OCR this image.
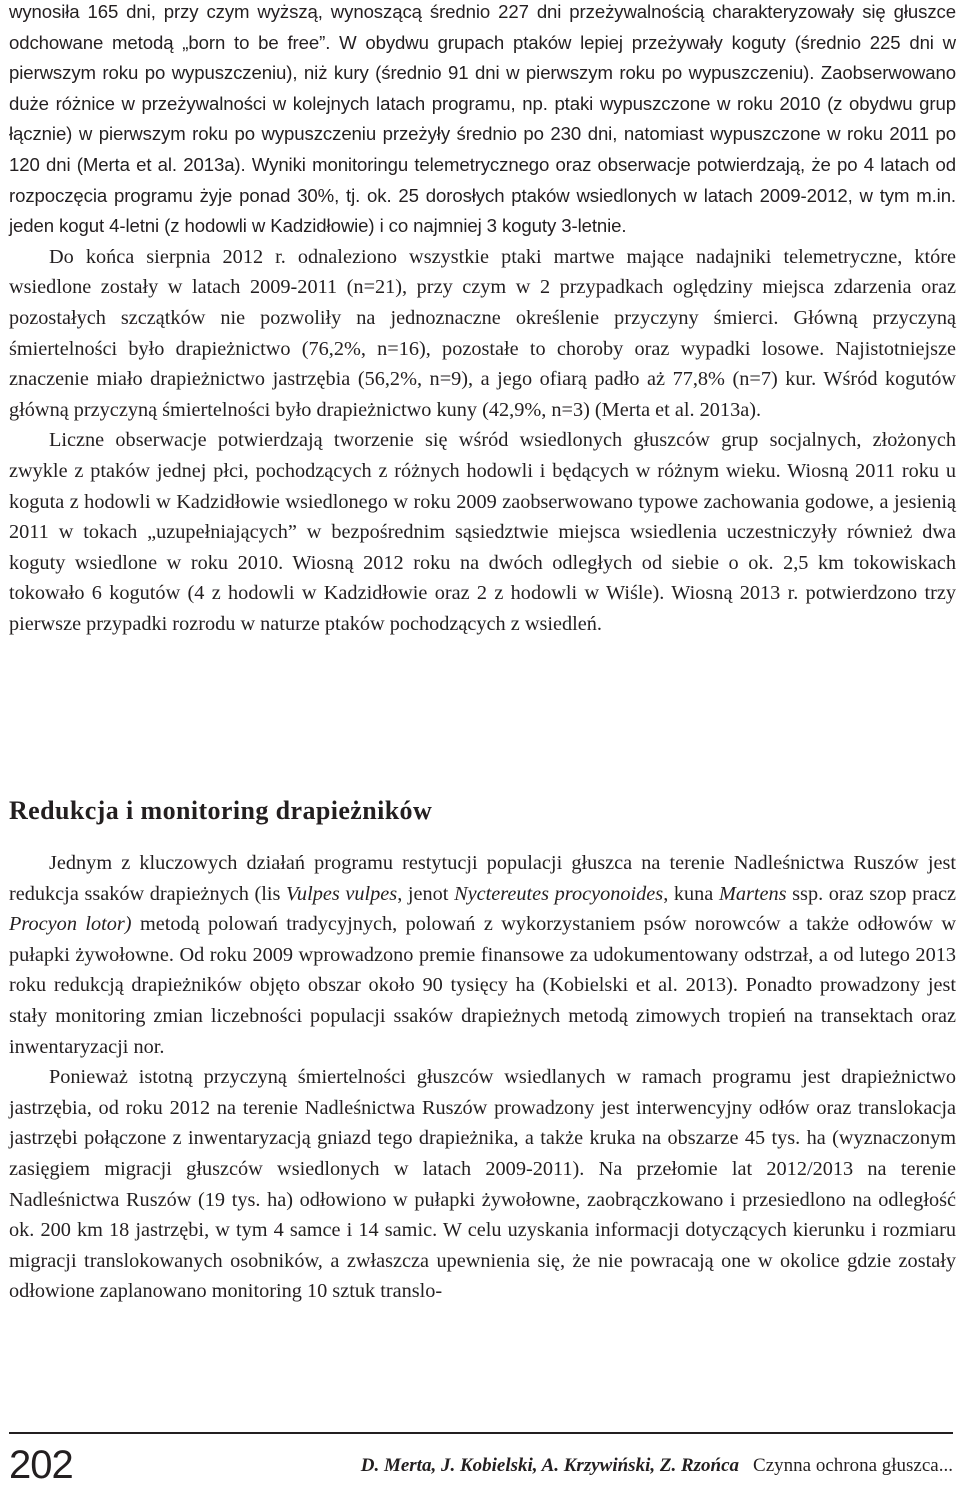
wynosiła 165 dni, przy czym wyższą, wynoszącą średnio 227 dni przeżywalnością charakteryzowały się głuszce odchowane metodą „born to be free”. W obydwu grupach ptaków lepiej przeżywały koguty (średnio 225 dni w pierwszym roku po wypuszczeniu), niż kury (średnio 91 dni w pierwszym roku po wypuszczeniu). Zaobserwowano duże różnice w przeżywalności w kolejnych latach programu, np. ptaki wypuszczone w roku 2010 (z obydwu grup łącznie) w pierwszym roku po wypuszczeniu przeżyły średnio po 230 dni, natomiast wypuszczone w roku 2011 po 120 dni (Merta et al. 2013a). Wyniki monitoringu telemetrycznego oraz obserwacje potwierdzają, że po 4 latach od rozpoczęcia programu żyje ponad 30%, tj. ok. 25 dorosłych ptaków wsiedlonych w latach 2009-2012, w tym m.in. jeden kogut 4-letni (z hodowli w Kadzidłowie) i co najmniej 3 koguty 3-letnie.

Do końca sierpnia 2012 r. odnaleziono wszystkie ptaki martwe mające nadajniki telemetryczne, które wsiedlone zostały w latach 2009-2011 (n=21), przy czym w 2 przypadkach oględziny miejsca zdarzenia oraz pozostałych szczątków nie pozwoliły na jednoznaczne określenie przyczyny śmierci. Główną przyczyną śmiertelności było drapieżnictwo (76,2%, n=16), pozostałe to choroby oraz wypadki losowe. Najistotniejsze znaczenie miało drapieżnictwo jastrzębia (56,2%, n=9), a jego ofiarą padło aż 77,8% (n=7) kur. Wśród kogutów główną przyczyną śmiertelności było drapieżnictwo kuny (42,9%, n=3) (Merta et al. 2013a).

Liczne obserwacje potwierdzają tworzenie się wśród wsiedlonych głuszców grup socjalnych, złożonych zwykle z ptaków jednej płci, pochodzących z różnych hodowli i będących w różnym wieku. Wiosną 2011 roku u koguta z hodowli w Kadzidłowie wsiedlonego w roku 2009 zaobserwowano typowe zachowania godowe, a jesienią 2011 w tokach „uzupełniających” w bezpośrednim sąsiedztwie miejsca wsiedlenia uczestniczyły również dwa koguty wsiedlone w roku 2010. Wiosną 2012 roku na dwóch odległych od siebie o ok. 2,5 km tokowiskach tokowało 6 kogutów (4 z hodowli w Kadzidłowie oraz 2 z hodowli w Wiśle). Wiosną 2013 r. potwierdzono trzy pierwsze przypadki rozrodu w naturze ptaków pochodzących z wsiedleń.

Redukcja i monitoring drapieżników

Jednym z kluczowych działań programu restytucji populacji głuszca na terenie Nadleśnictwa Ruszów jest redukcja ssaków drapieżnych (lis Vulpes vulpes, jenot Nyctereutes procyonoides, kuna Martens ssp. oraz szop pracz Procyon lotor) metodą polowań tradycyjnych, polowań z wykorzystaniem psów norowców a także odłowów w pułapki żywołowne. Od roku 2009 wprowadzono premie finansowe za udokumentowany odstrzał, a od lutego 2013 roku redukcją drapieżników objęto obszar około 90 tysięcy ha (Kobielski et al. 2013). Ponadto prowadzony jest stały monitoring zmian liczebności populacji ssaków drapieżnych metodą zimowych tropień na transektach oraz inwentaryzacji nor.

Ponieważ istotną przyczyną śmiertelności głuszców wsiedlanych w ramach programu jest drapieżnictwo jastrzębia, od roku 2012 na terenie Nadleśnictwa Ruszów prowadzony jest interwencyjny odłów oraz translokacja jastrzębi połączone z inwentaryzacją gniazd tego drapieżnika, a także kruka na obszarze 45 tys. ha (wyznaczonym zasięgiem migracji głuszców wsiedlonych w latach 2009-2011). Na przełomie lat 2012/2013 na terenie Nadleśnictwa Ruszów (19 tys. ha) odłowiono w pułapki żywołowne, zaobrączkowano i przesiedlono na odległość ok. 200 km 18 jastrzębi, w tym 4 samce i 14 samic. W celu uzyskania informacji dotyczących kierunku i rozmiaru migracji translokowanych osobników, a zwłaszcza upewnienia się, że nie powracają one w okolice gdzie zostały odłowione zaplanowano monitoring 10 sztuk translo-

202	D. Merta, J. Kobielski, A. Krzywiński, Z. Rzońca Czynna ochrona głuszca...
